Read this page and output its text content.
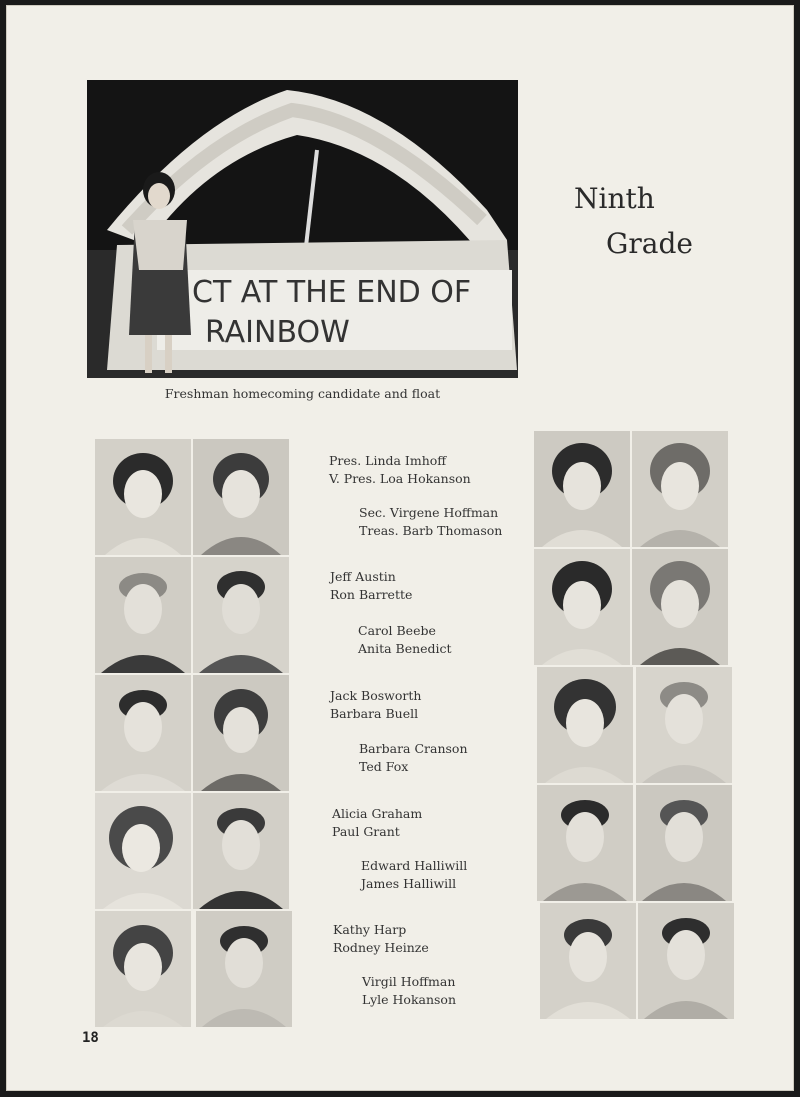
CT AT THE END OF
RAINBOW
Freshman homecoming candidate and float
Ninth
Grade
Pres. Linda Imhoff
V. Pres. Loa Hokanson
Sec. Virgene Hoffman
Treas. Barb Thomason
Jeff Austin
Ron Barrette
Carol Beebe
Anita Benedict
Jack Bosworth
Barbara Buell
Barbara Cranson
Ted Fox
Alicia Graham
Paul Grant
Edward Halliwill
James Halliwill
Kathy Harp
Rodney Heinze
Virgil Hoffman
Lyle Hokanson
18
